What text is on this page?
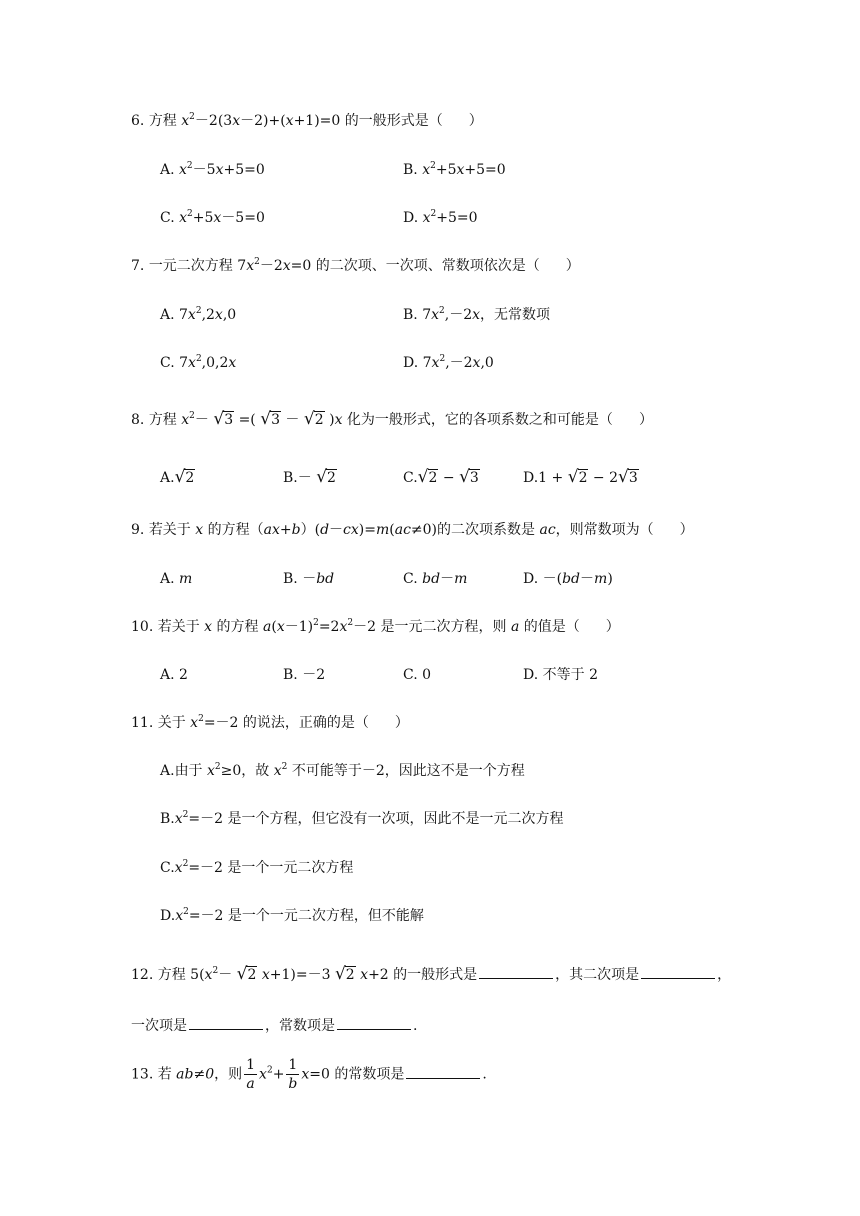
6. 方程 $x^2-2(3x-2)+(x+1)=0$ 的一般形式是（ ）
A. $x^2-5x+5=0$	B. $x^2+5x+5=0$
C. $x^2+5x-5=0$	D. $x^2+5=0$
7. 一元二次方程 $7x^2-2x=0$ 的二次项、一次项、常数项依次是（ ）
A. $7x^2,2x,0$	B. $7x^2,-2x$，无常数项
C. $7x^2,0,2x$	D. $7x^2,-2x,0$
8. 方程 $x^2- √3$ =( √3 － √2 )x 化为一般形式，它的各项系数之和可能是（ ）
A.√2	B.－ √2	C.√2 − √3	D.1 + √2 − 2√3
9. 若关于 x 的方程（ax+b）(d－cx)=m(ac≠0)的二次项系数是 ac，则常数项为（ ）
A. m	B. －bd	C. bd－m	D. －(bd－m)
10. 若关于 x 的方程 $a(x-1)^2=2x^2-2$ 是一元二次方程，则 a 的值是（ ）
A. 2	B. －2	C. 0	D. 不等于 2
11. 关于 $x^2=-2$ 的说法，正确的是（ ）
A.由于 $x^2\ge 0$，故 $x^2$ 不可能等于－2，因此这不是一个方程
$B.x^2=-2$ 是一个方程，但它没有一次项，因此不是一元二次方程
$C.x^2=-2$ 是一个一元二次方程
$D.x^2=-2$ 是一个一元二次方程，但不能解
12. 方程 $5(x^2- √2$ x+1)=－3 √2 x+2 的一般形式是	，其二次项是	，
一次项是	，常数项是	.
13. 若 ab≠0，则 $\frac{1}{a} x^2+ \frac{1}{b} x=0$ 的常数项是	.
